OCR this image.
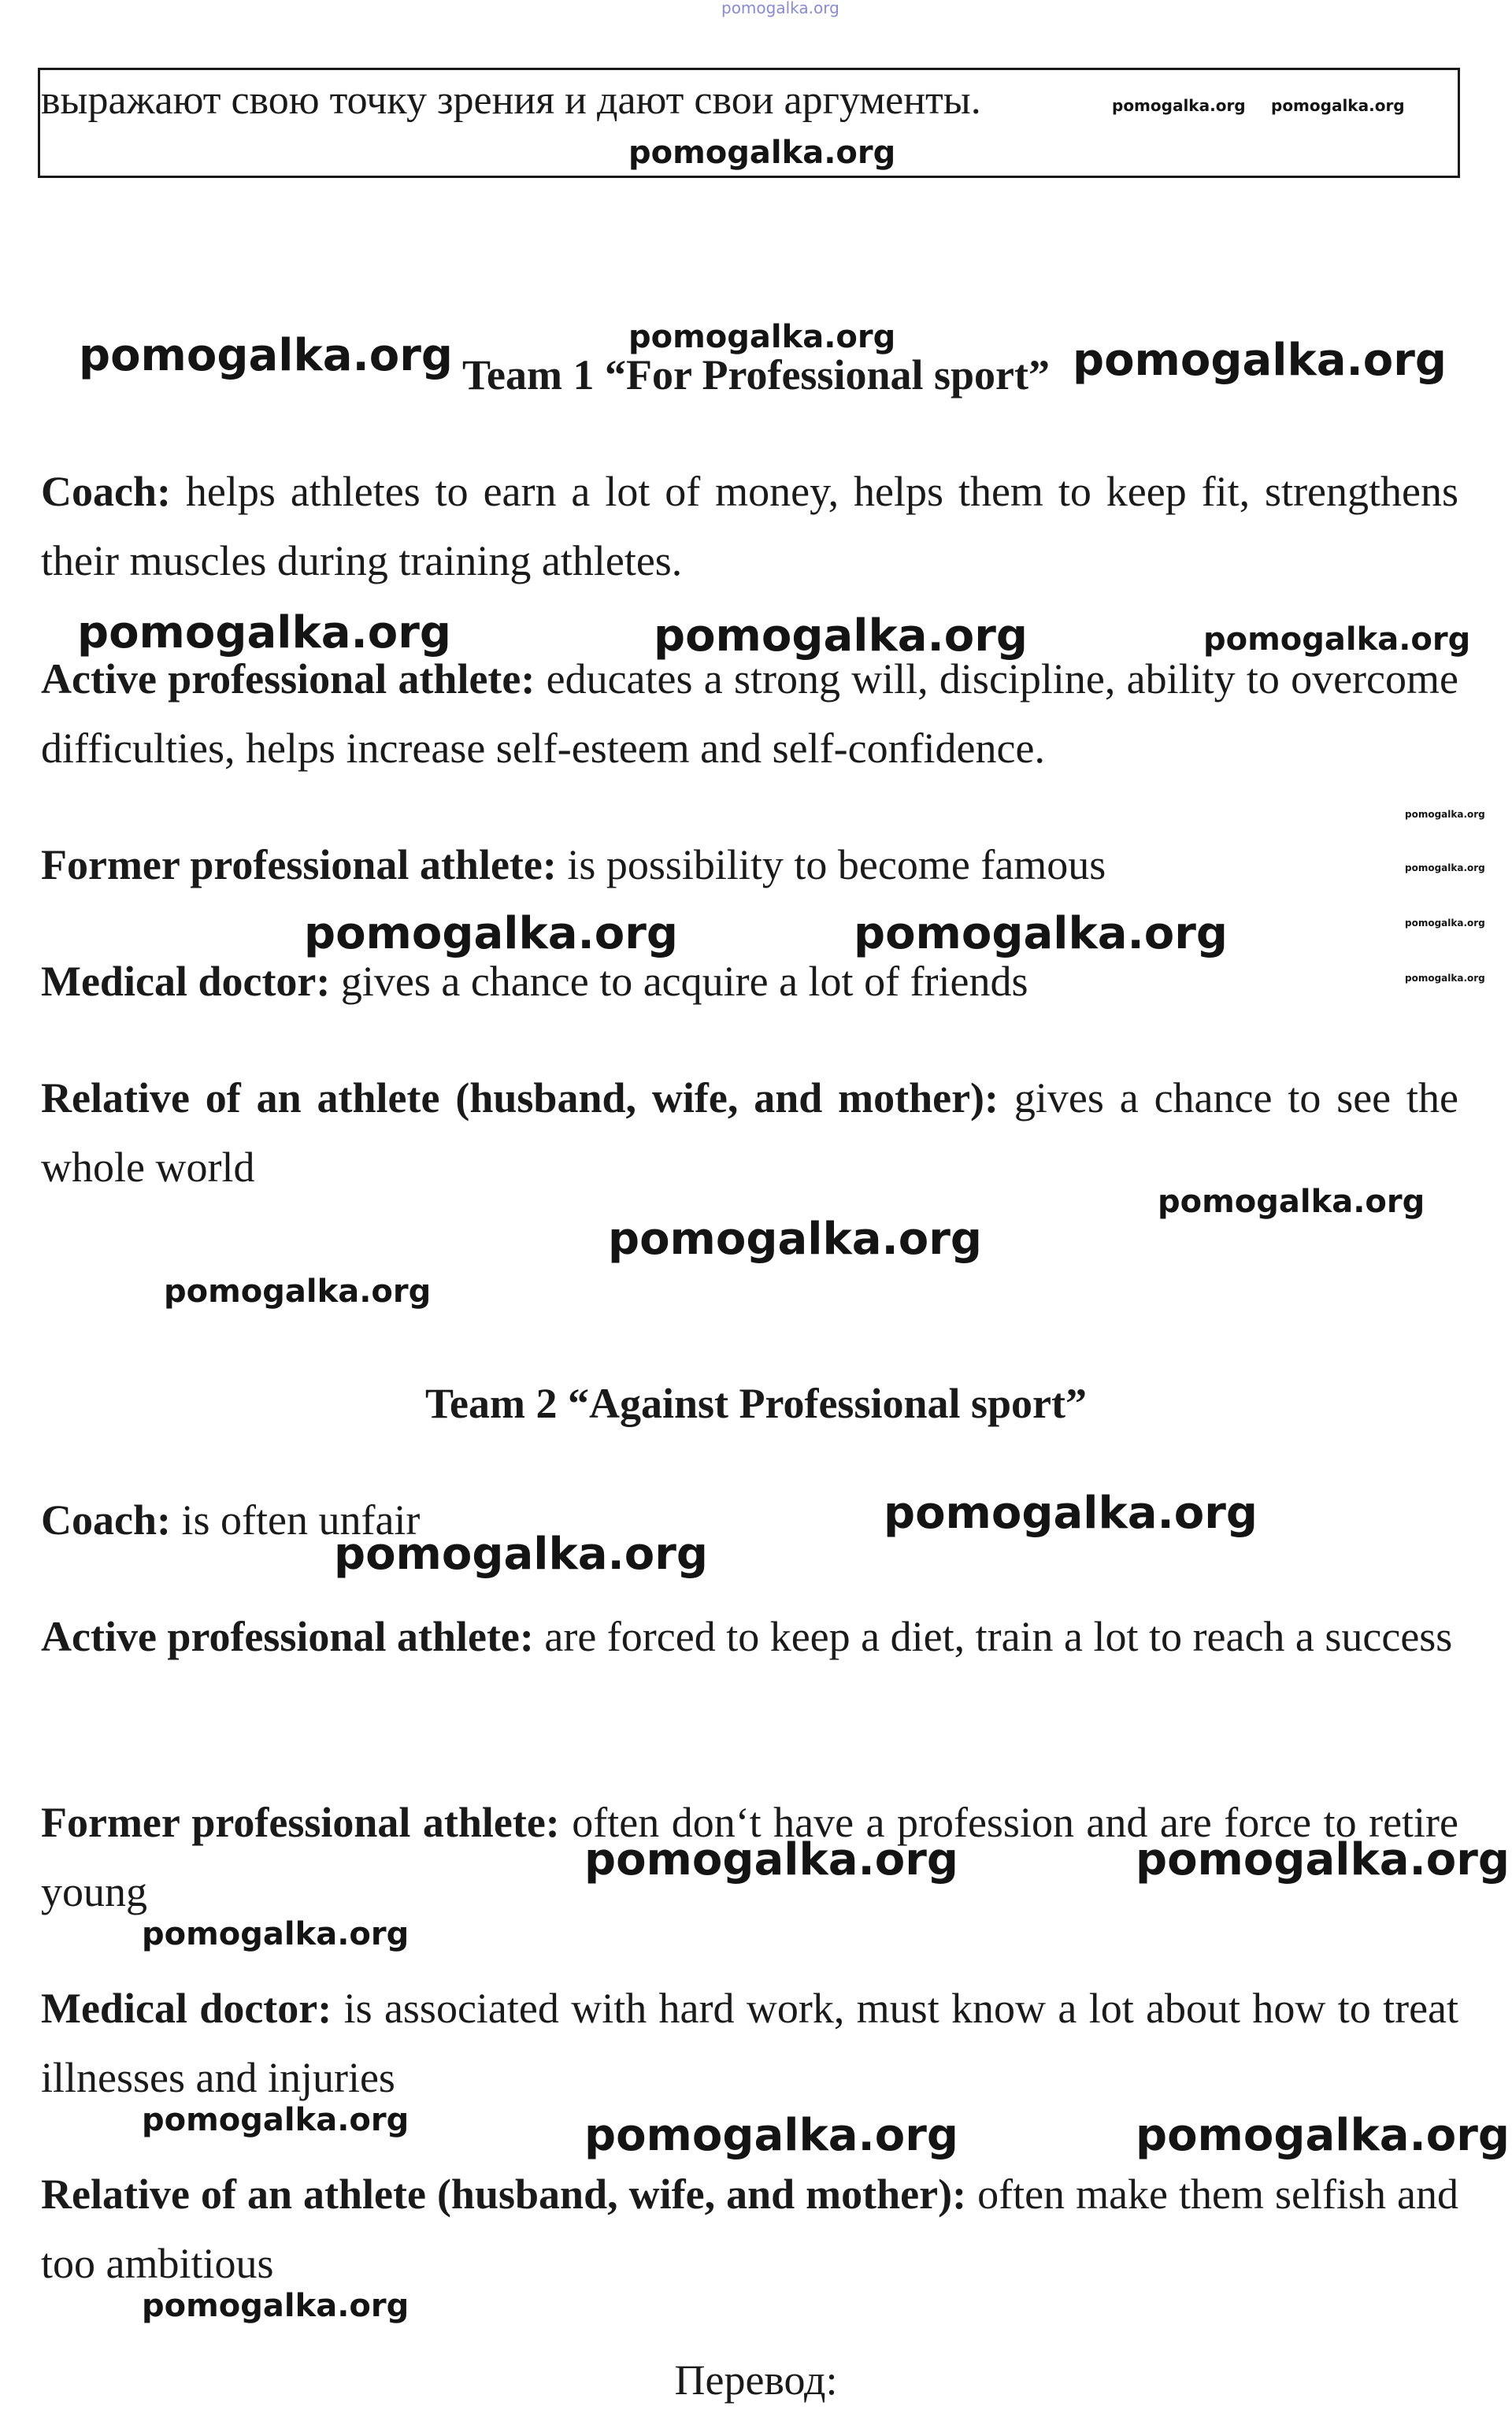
pomogalka.org
выражают свою точку зрения и дают свои аргументы.	pomogalka.org pomogalka.org
pomogalka.org
pomogalka.org
Team 1 “For Professional sport”
pomogalka.org	pomogalka.org
Coach: helps athletes to earn a lot of money, helps them to keep fit, strengthens their muscles during training athletes.
pomogalka.org	pomogalka.org	pomogalka.org
Active professional athlete: educates a strong will, discipline, ability to overcome difficulties, helps increase self-esteem and self-confidence.
pomogalka.org
pomogalka.org
pomogalka.org
pomogalka.org
Former professional athlete: is possibility to become famous
pomogalka.org	pomogalka.org
Medical doctor: gives a chance to acquire a lot of friends
Relative of an athlete (husband, wife, and mother): gives a chance to see the whole world
pomogalka.org
pomogalka.org
pomogalka.org
Team 2 “Against Professional sport”
Coach: is often unfair	pomogalka.org
pomogalka.org
Active professional athlete: are forced to keep a diet, train a lot to reach a success
Former professional athlete: often don‘t have a profession and are force to retire young
pomogalka.org	pomogalka.org
pomogalka.org
Medical doctor: is associated with hard work, must know a lot about how to treat illnesses and injuries
pomogalka.org	pomogalka.org	pomogalka.org
Relative of an athlete (husband, wife, and mother): often make them selfish and too ambitious
pomogalka.org
Перевод:
